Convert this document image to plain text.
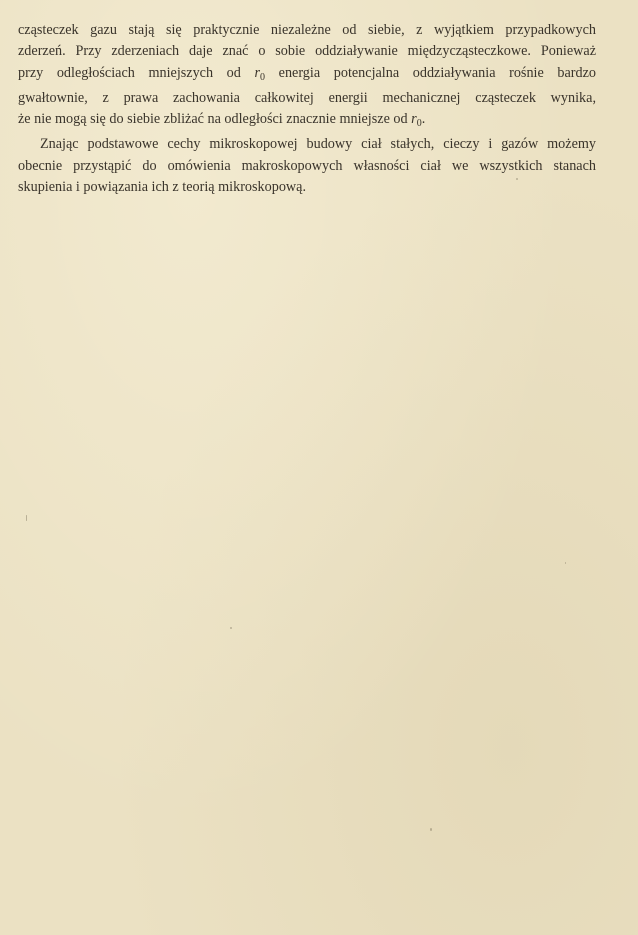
cząsteczek gazu stają się praktycznie niezależne od siebie, z wyjątkiem przypadkowych
zderzeń. Przy zderzeniach daje znać o sobie oddziaływanie międzycząsteczkowe. Ponieważ
przy odległościach mniejszych od $r_0$ energia potencjalna oddziaływania rośnie bardzo
gwałtownie, z prawa zachowania całkowitej energii mechanicznej cząsteczek wynika,
że nie mogą się do siebie zbliżać na odległości znacznie mniejsze od $r_0$.

Znając podstawowe cechy mikroskopowej budowy ciał stałych, cieczy i gazów możemy
obecnie przystąpić do omówienia makroskopowych własności ciał we wszystkich stanach
skupienia i powiązania ich z teorią mikroskopową.
